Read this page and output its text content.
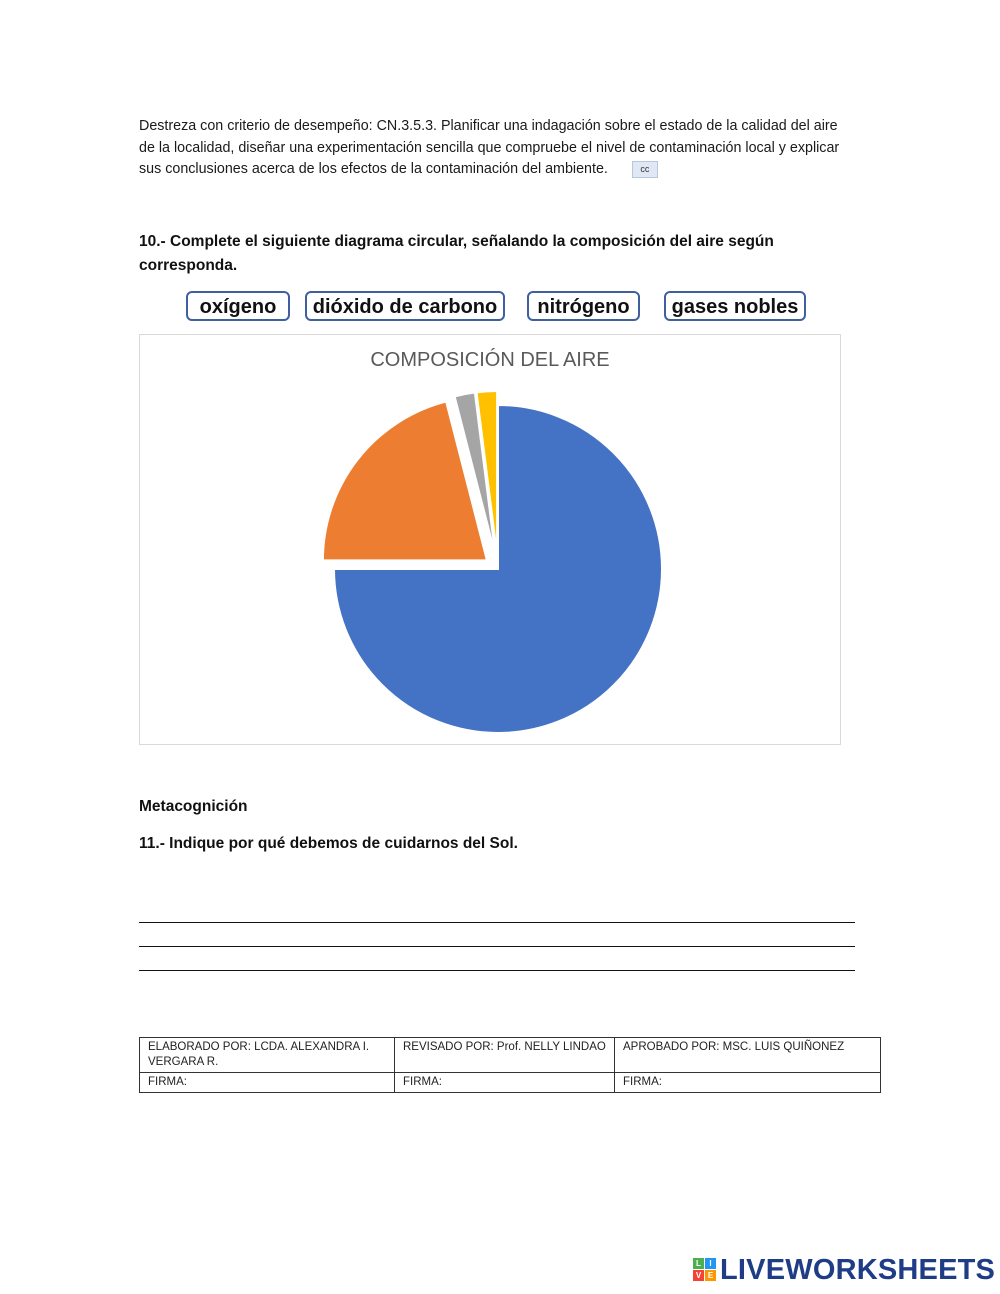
Destreza con criterio de desempeño: CN.3.5.3. Planificar una indagación sobre el estado de la calidad del aire de la localidad, diseñar una experimentación sencilla que compruebe el nivel de contaminación local y explicar sus conclusiones acerca de los efectos de la contaminación del ambiente.	cc
10.- Complete el siguiente diagrama circular, señalando la composición del aire según corresponda.
oxígeno	dióxido de carbono	nitrógeno	gases nobles
COMPOSICIÓN DEL AIRE
Metacognición
11.- Indique por qué debemos de cuidarnos del Sol.
ELABORADO POR: LCDA. ALEXANDRA I. VERGARA R.	REVISADO POR: Prof. NELLY LINDAO	APROBADO POR: MSC. LUIS QUIÑONEZ
FIRMA:	FIRMA:	FIRMA:
L	I
V E LIVEWORKSHEETS
